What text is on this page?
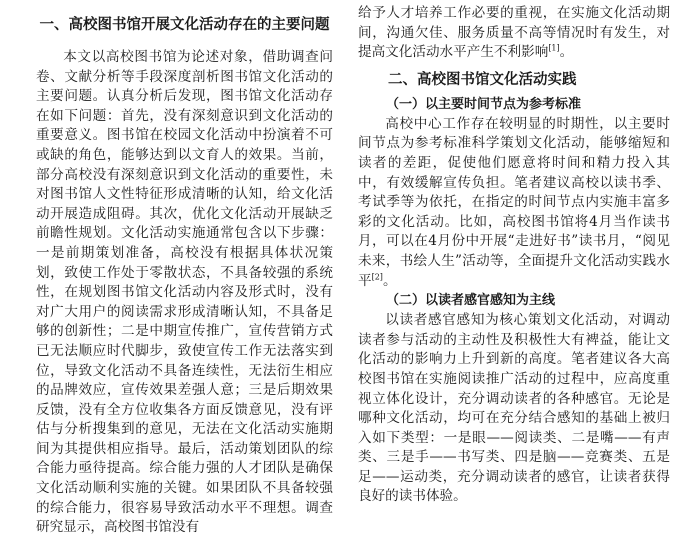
一、高校图书馆开展文化活动存在的主要问题

本文以高校图书馆为论述对象，借助调查问卷、文献分析等手段深度剖析图书馆文化活动的主要问题。认真分析后发现，图书馆文化活动存在如下问题：首先，没有深刻意识到文化活动的重要意义。图书馆在校园文化活动中扮演着不可或缺的角色，能够达到以文育人的效果。当前，部分高校没有深刻意识到文化活动的重要性，未对图书馆人文性特征形成清晰的认知，给文化活动开展造成阻碍。其次，优化文化活动开展缺乏前瞻性规划。文化活动实施通常包含以下步骤：一是前期策划准备，高校没有根据具体状况策划，致使工作处于零散状态，不具备较强的系统性，在规划图书馆文化活动内容及形式时，没有对广大用户的阅读需求形成清晰认知，不具备足够的创新性；二是中期宣传推广，宣传营销方式已无法顺应时代脚步，致使宣传工作无法落实到位，导致文化活动不具备连续性，无法衍生相应的品牌效应，宣传效果差强人意；三是后期效果反馈，没有全方位收集各方面反馈意见，没有评估与分析搜集到的意见，无法在文化活动实施期间为其提供相应指导。最后，活动策划团队的综合能力亟待提高。综合能力强的人才团队是确保文化活动顺利实施的关键。如果团队不具备较强的综合能力，很容易导致活动水平不理想。调查研究显示，高校图书馆没有

给予人才培养工作必要的重视，在实施文化活动期间，沟通欠佳、服务质量不高等情况时有发生，对提高文化活动水平产生不利影响[1]。

二、高校图书馆文化活动实践
（一）以主要时间节点为参考标准

高校中心工作存在较明显的时期性，以主要时间节点为参考标准科学策划文化活动，能够缩短和读者的差距，促使他们愿意将时间和精力投入其中，有效缓解宣传负担。笔者建议高校以读书季、考试季等为依托，在指定的时间节点内实施丰富多彩的文化活动。比如，高校图书馆将4月当作读书月，可以在4月份中开展“走进好书”读书月，“阅见未来，书绘人生”活动等，全面提升文化活动实践水平[2]。

（二）以读者感官感知为主线

以读者感官感知为核心策划文化活动，对调动读者参与活动的主动性及积极性大有裨益，能让文化活动的影响力上升到新的高度。笔者建议各大高校图书馆在实施阅读推广活动的过程中，应高度重视立体化设计，充分调动读者的各种感官。无论是哪种文化活动，均可在充分结合感知的基础上被归入如下类型：一是眼——阅读类、二是嘴——有声类、三是手——书写类、四是脑——竞赛类、五是足——运动类，充分调动读者的感官，让读者获得良好的读书体验。
